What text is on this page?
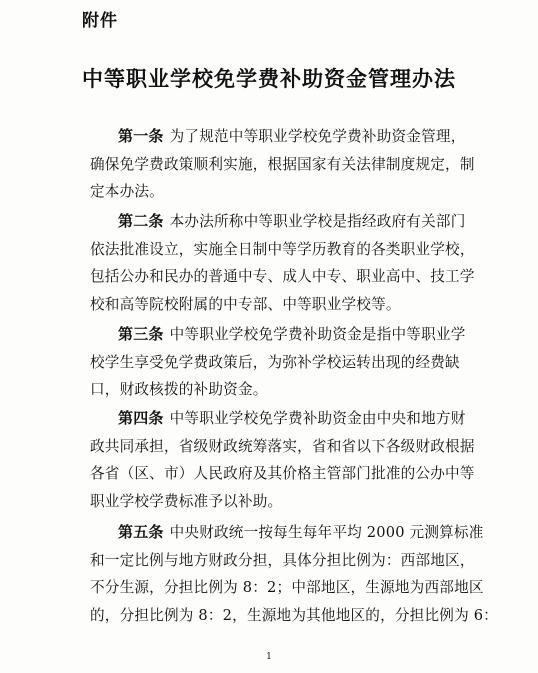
附件
中等职业学校免学费补助资金管理办法
第一条 为了规范中等职业学校免学费补助资金管理，
确保免学费政策顺利实施，根据国家有关法律制度规定，制
定本办法。
第二条 本办法所称中等职业学校是指经政府有关部门
依法批准设立，实施全日制中等学历教育的各类职业学校，
包括公办和民办的普通中专、成人中专、职业高中、技工学
校和高等院校附属的中专部、中等职业学校等。
第三条 中等职业学校免学费补助资金是指中等职业学
校学生享受免学费政策后，为弥补学校运转出现的经费缺
口，财政核拨的补助资金。
第四条 中等职业学校免学费补助资金由中央和地方财
政共同承担，省级财政统筹落实，省和省以下各级财政根据
各省（区、市）人民政府及其价格主管部门批准的公办中等
职业学校学费标准予以补助。
第五条 中央财政统一按每生每年平均 2000 元测算标准
和一定比例与地方财政分担，具体分担比例为：西部地区，
不分生源，分担比例为 8：2；中部地区，生源地为西部地区
的，分担比例为 8：2，生源地为其他地区的，分担比例为 6：
1
